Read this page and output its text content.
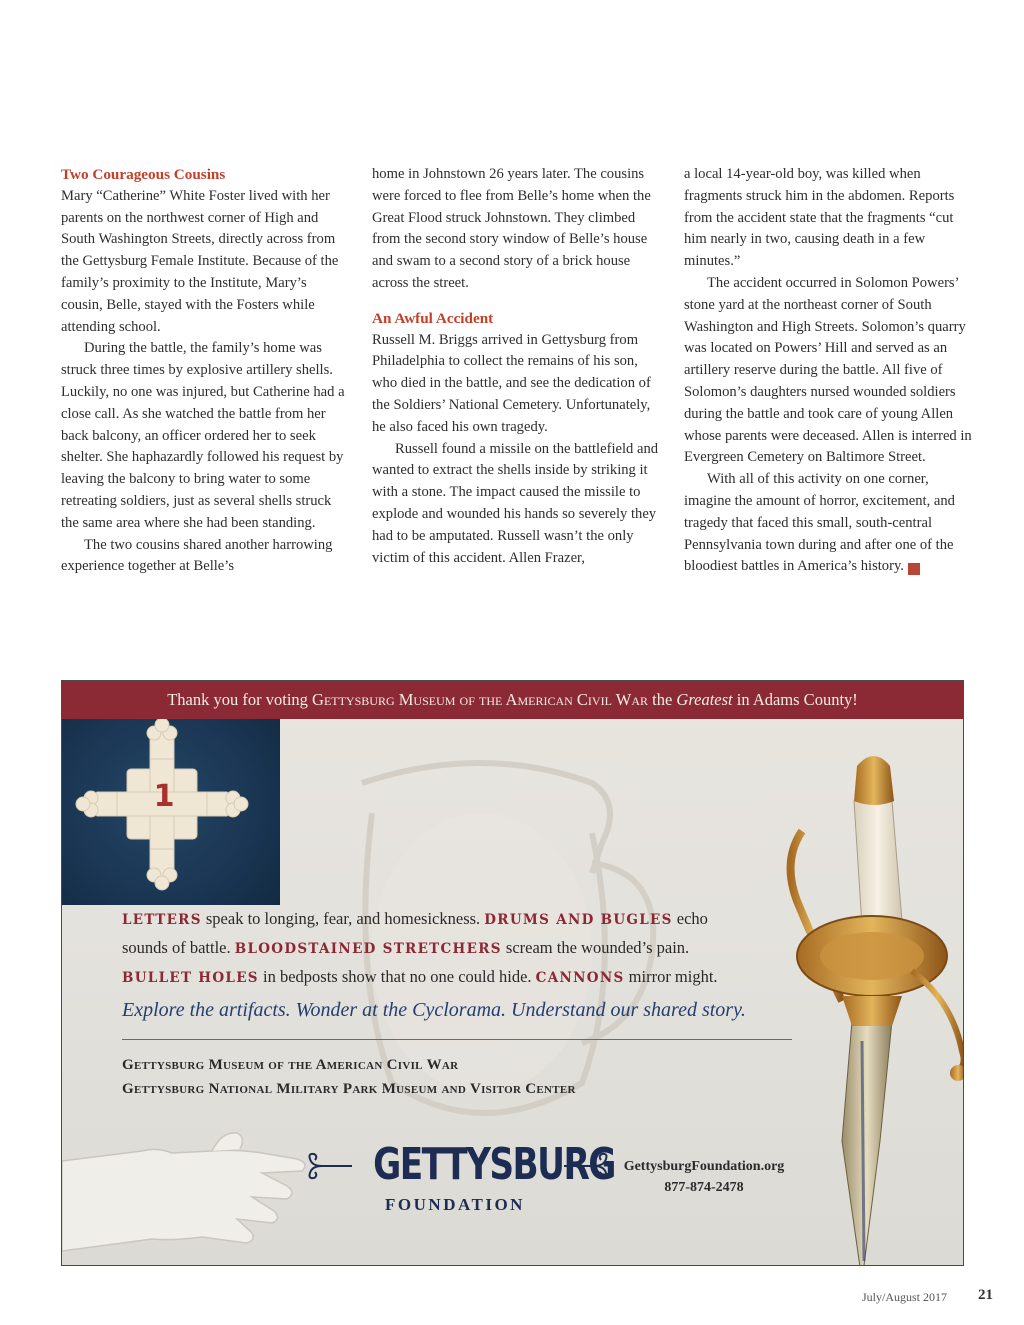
Two Courageous Cousins

Mary “Catherine” White Foster lived with her parents on the northwest corner of High and South Washington Streets, directly across from the Gettysburg Female Institute. Because of the family’s proximity to the Institute, Mary’s cousin, Belle, stayed with the Fosters while attending school.

During the battle, the family’s home was struck three times by explosive artillery shells. Luckily, no one was injured, but Catherine had a close call. As she watched the battle from her back balcony, an officer ordered her to seek shelter. She haphazardly followed his request by leaving the balcony to bring water to some retreating soldiers, just as several shells struck the same area where she had been standing.

The two cousins shared another harrowing experience together at Belle’s

home in Johnstown 26 years later. The cousins were forced to flee from Belle’s home when the Great Flood struck Johnstown. They climbed from the second story window of Belle’s house and swam to a second story of a brick house across the street.

An Awful Accident

Russell M. Briggs arrived in Gettysburg from Philadelphia to collect the remains of his son, who died in the battle, and see the dedication of the Soldiers’ National Cemetery. Unfortunately, he also faced his own tragedy.

Russell found a missile on the battlefield and wanted to extract the shells inside by striking it with a stone. The impact caused the missile to explode and wounded his hands so severely they had to be amputated. Russell wasn’t the only victim of this accident. Allen Frazer,

a local 14-year-old boy, was killed when fragments struck him in the abdomen. Reports from the accident state that the fragments “cut him nearly in two, causing death in a few minutes.”

The accident occurred in Solomon Powers’ stone yard at the northeast corner of South Washington and High Streets. Solomon’s quarry was located on Powers’ Hill and served as an artillery reserve during the battle. All five of Solomon’s daughters nursed wounded soldiers during the battle and took care of young Allen whose parents were deceased. Allen is interred in Evergreen Cemetery on Baltimore Street.

With all of this activity on one corner, imagine the amount of horror, excitement, and tragedy that faced this small, south-central Pennsylvania town during and after one of the bloodiest battles in America’s history.	g

Thank you for voting Gettysburg Museum of the American Civil War the Greatest in Adams County!
1
LETTERS speak to longing, fear, and homesickness. DRUMS AND BUGLES echo
sounds of battle. BLOODSTAINED STRETCHERS scream the wounded’s pain.
BULLET HOLES in bedposts show that no one could hide. CANNONS mirror might.
Explore the artifacts. Wonder at the Cyclorama. Understand our shared story.
Gettysburg Museum of the American Civil War
Gettysburg National Military Park Museum and Visitor Center
GETTYSBURG
FOUNDATION
GettysburgFoundation.org
877-874-2478
July/August 2017 21
